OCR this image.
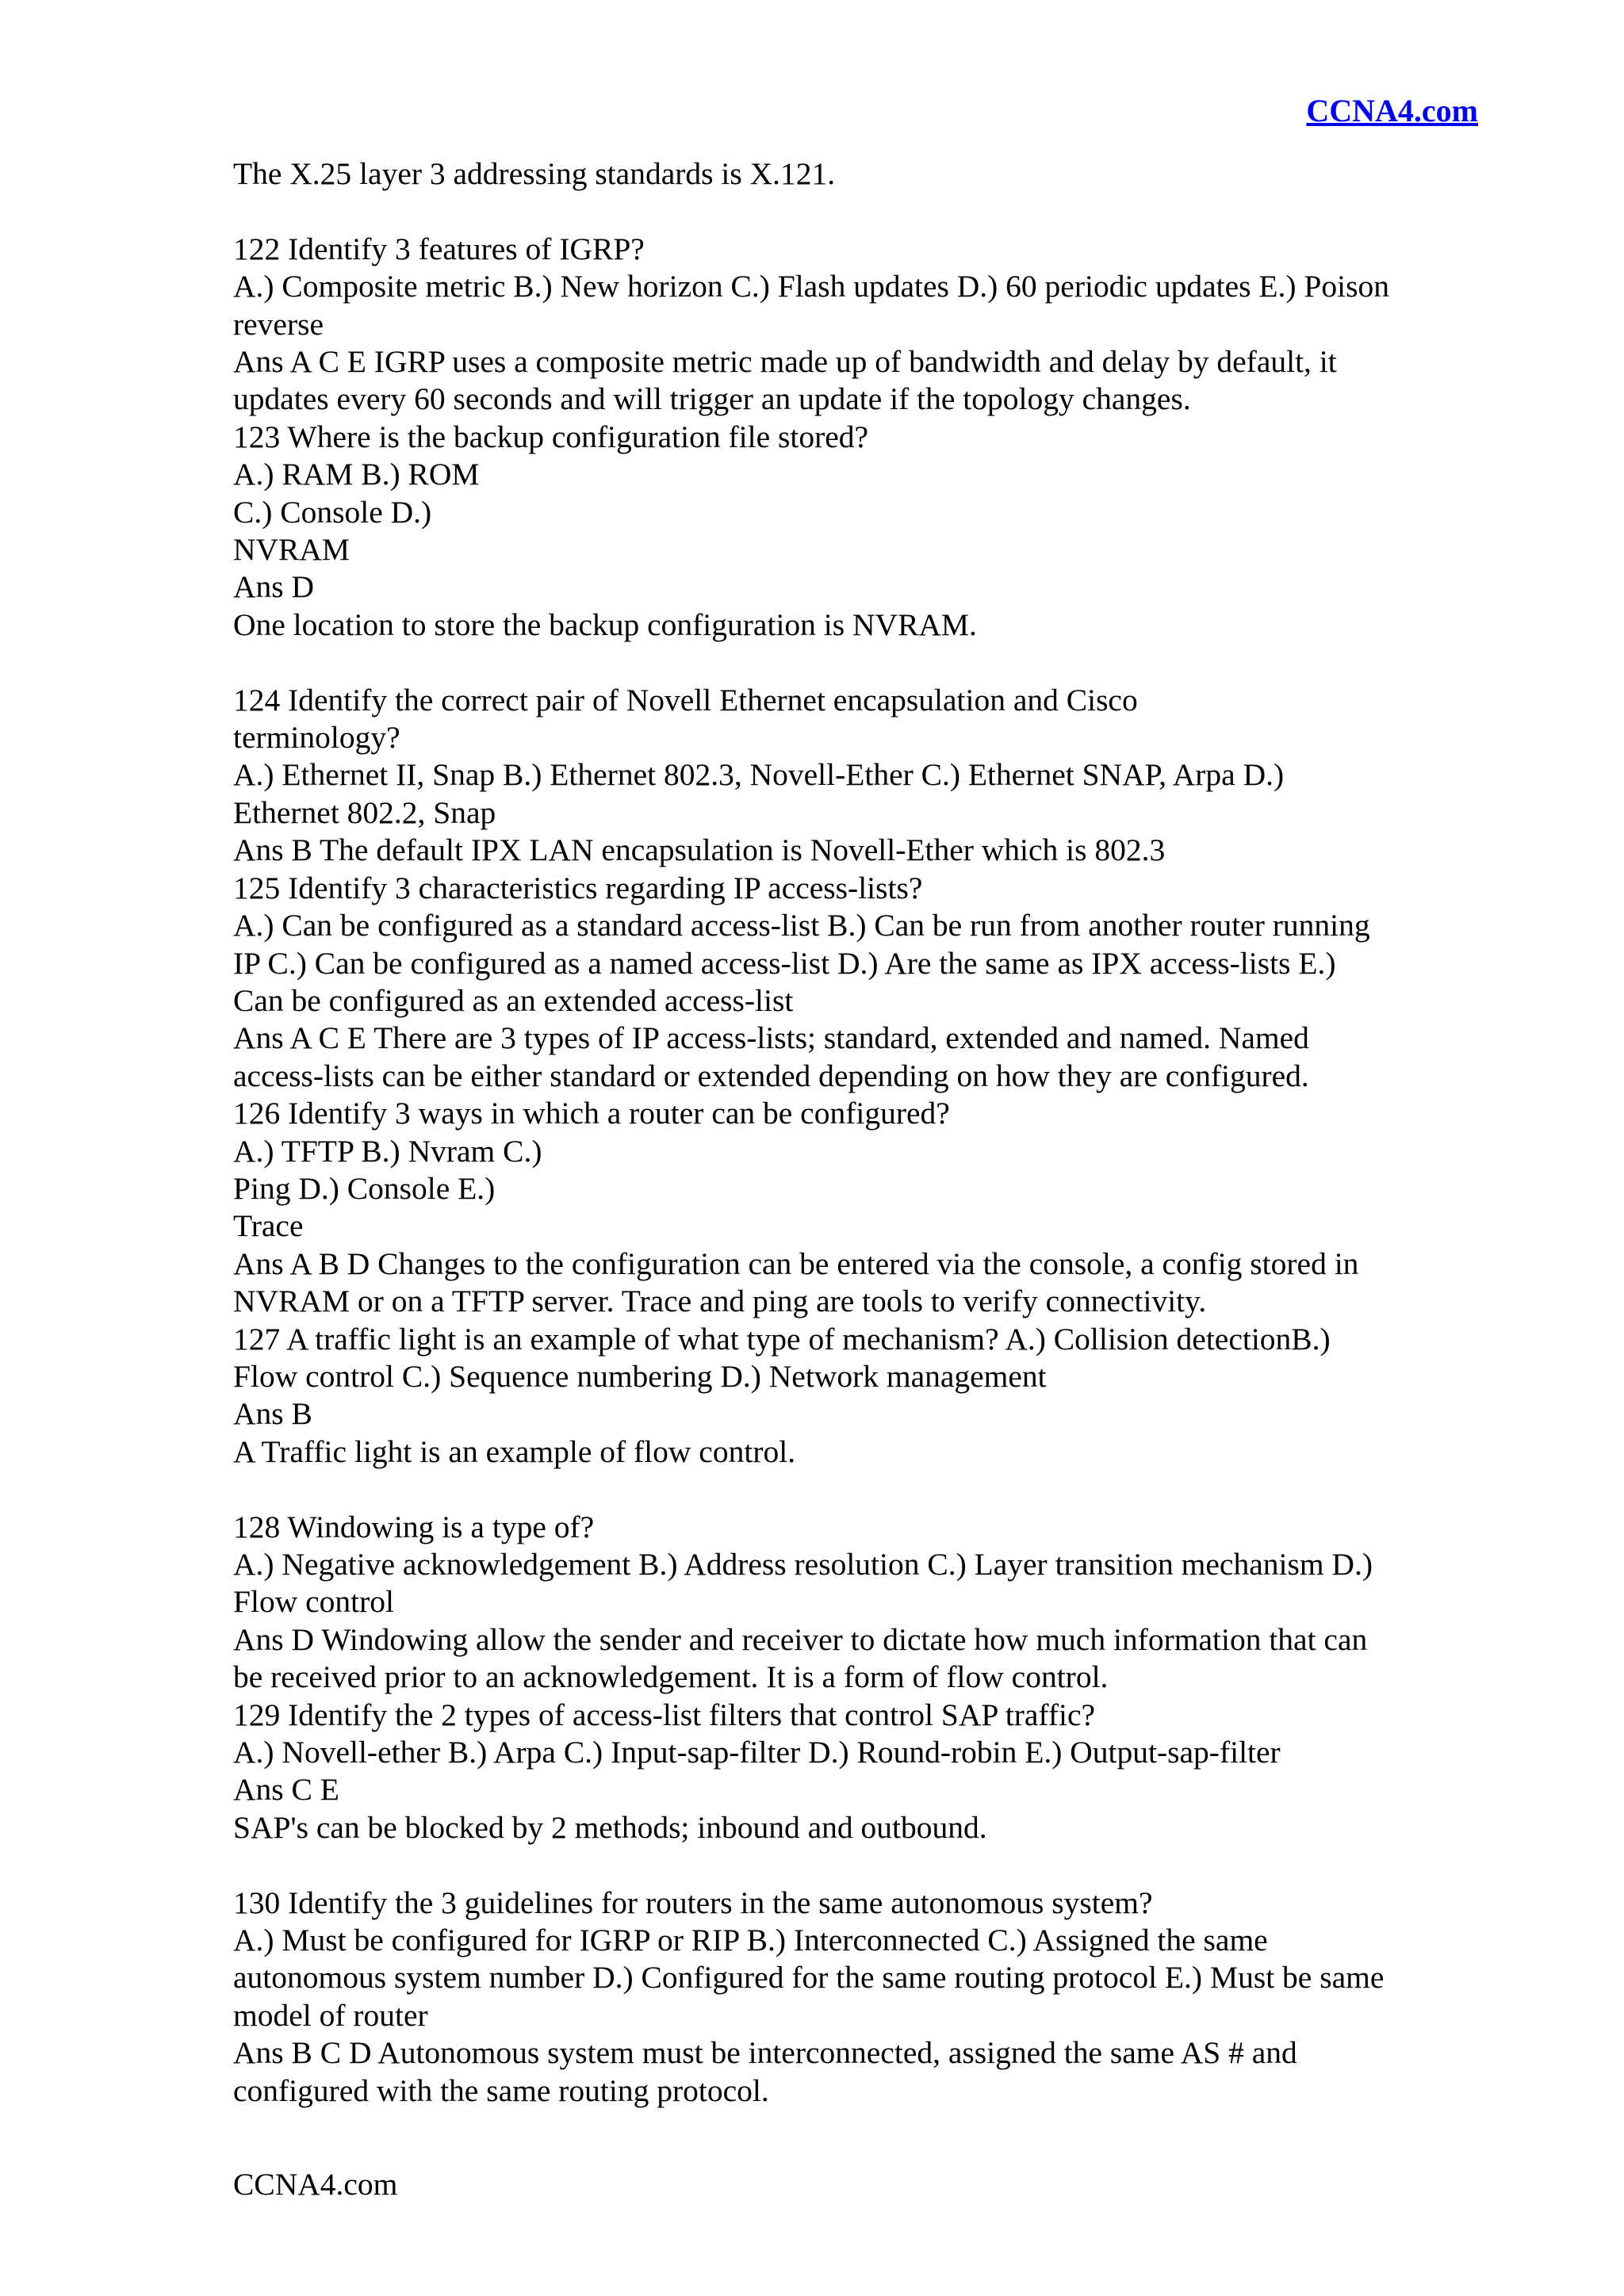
CCNA4.com
The X.25 layer 3 addressing standards is X.121.
122 Identify 3 features of IGRP?
A.) Composite metric B.) New horizon C.) Flash updates D.) 60 periodic updates E.) Poison
reverse
Ans A C E IGRP uses a composite metric made up of bandwidth and delay by default, it
updates every 60 seconds and will trigger an update if the topology changes.
123 Where is the backup configuration file stored?
A.) RAM B.) ROM
C.) Console D.)
NVRAM
Ans D
One location to store the backup configuration is NVRAM.
124 Identify the correct pair of Novell Ethernet encapsulation and Cisco
terminology?
A.) Ethernet II, Snap B.) Ethernet 802.3, Novell-Ether C.) Ethernet SNAP, Arpa D.)
Ethernet 802.2, Snap
Ans B The default IPX LAN encapsulation is Novell-Ether which is 802.3
125 Identify 3 characteristics regarding IP access-lists?
A.) Can be configured as a standard access-list B.) Can be run from another router running
IP C.) Can be configured as a named access-list D.) Are the same as IPX access-lists E.)
Can be configured as an extended access-list
Ans A C E There are 3 types of IP access-lists; standard, extended and named. Named
access-lists can be either standard or extended depending on how they are configured.
126 Identify 3 ways in which a router can be configured?
A.) TFTP B.) Nvram C.)
Ping D.) Console E.)
Trace
Ans A B D Changes to the configuration can be entered via the console, a config stored in
NVRAM or on a TFTP server. Trace and ping are tools to verify connectivity.
127 A traffic light is an example of what type of mechanism? A.) Collision detectionB.)
Flow control C.) Sequence numbering D.) Network management
Ans B
A Traffic light is an example of flow control.
128 Windowing is a type of?
A.) Negative acknowledgement B.) Address resolution C.) Layer transition mechanism D.)
Flow control
Ans D Windowing allow the sender and receiver to dictate how much information that can
be received prior to an acknowledgement. It is a form of flow control.
129 Identify the 2 types of access-list filters that control SAP traffic?
A.) Novell-ether B.) Arpa C.) Input-sap-filter D.) Round-robin E.) Output-sap-filter
Ans C E
SAP's can be blocked by 2 methods; inbound and outbound.
130 Identify the 3 guidelines for routers in the same autonomous system?
A.) Must be configured for IGRP or RIP B.) Interconnected C.) Assigned the same
autonomous system number D.) Configured for the same routing protocol E.) Must be same
model of router
Ans B C D Autonomous system must be interconnected, assigned the same AS # and
configured with the same routing protocol.
CCNA4.com
